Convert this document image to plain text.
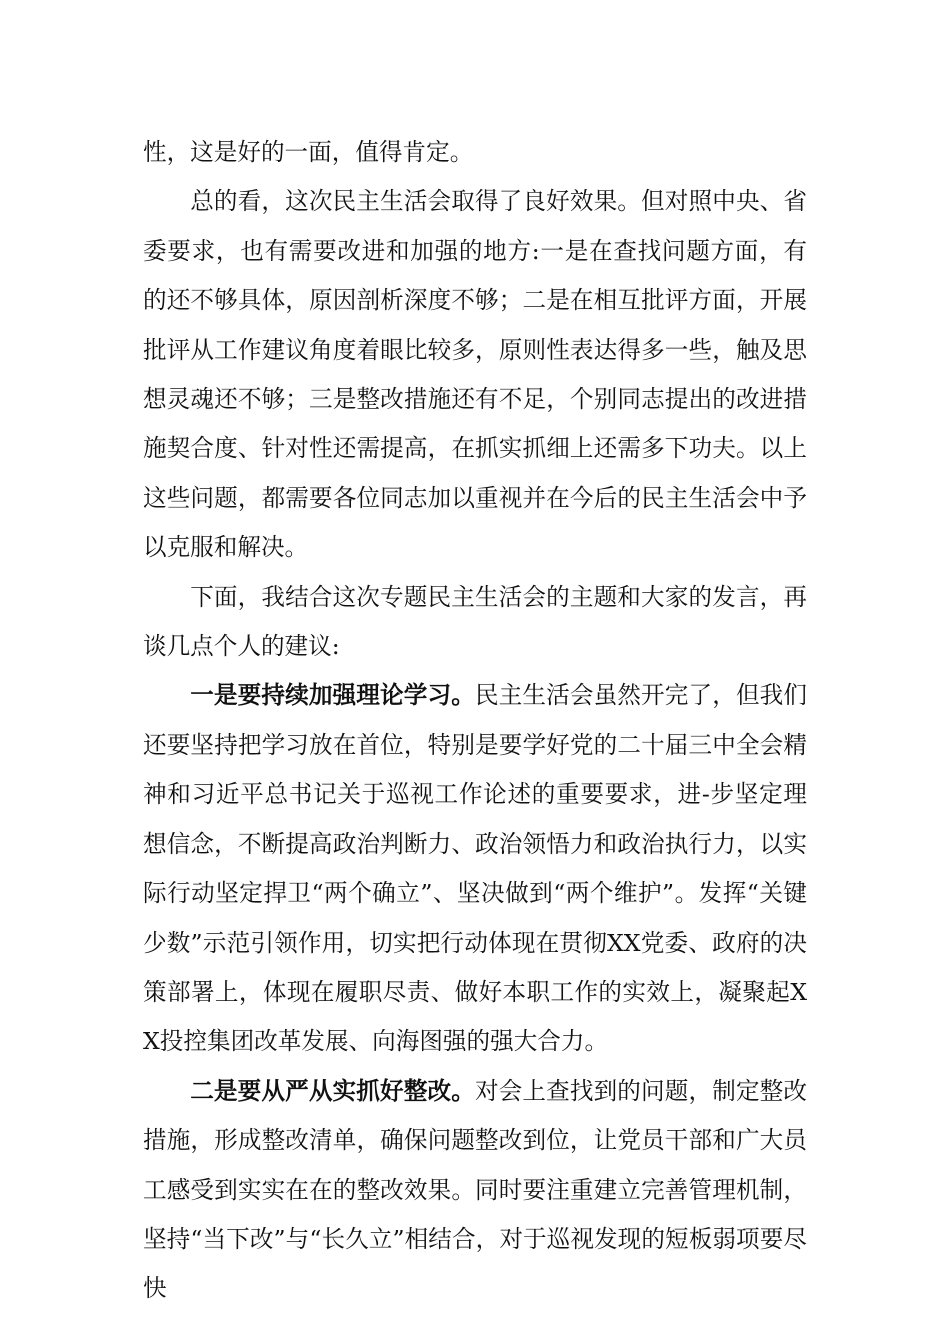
性，这是好的一面，值得肯定。

总的看，这次民主生活会取得了良好效果。但对照中央、省委要求，也有需要改进和加强的地方:一是在查找问题方面，有的还不够具体，原因剖析深度不够；二是在相互批评方面，开展批评从工作建议角度着眼比较多，原则性表达得多一些，触及思想灵魂还不够；三是整改措施还有不足，个别同志提出的改进措施契合度、针对性还需提高，在抓实抓细上还需多下功夫。以上这些问题，都需要各位同志加以重视并在今后的民主生活会中予以克服和解决。

下面，我结合这次专题民主生活会的主题和大家的发言，再谈几点个人的建议:

一是要持续加强理论学习。民主生活会虽然开完了，但我们还要坚持把学习放在首位，特别是要学好党的二十届三中全会精神和习近平总书记关于巡视工作论述的重要要求，进-步坚定理想信念，不断提高政治判断力、政治领悟力和政治执行力，以实际行动坚定捍卫“两个确立”、坚决做到“两个维护”。发挥“关键少数”示范引领作用，切实把行动体现在贯彻XX党委、政府的决策部署上，体现在履职尽责、做好本职工作的实效上，凝聚起XX投控集团改革发展、向海图强的强大合力。

二是要从严从实抓好整改。对会上查找到的问题，制定整改措施，形成整改清单，确保问题整改到位，让党员干部和广大员工感受到实实在在的整改效果。同时要注重建立完善管理机制， 坚持“当下改”与“长久立”相结合，对于巡视发现的短板弱项要尽快
